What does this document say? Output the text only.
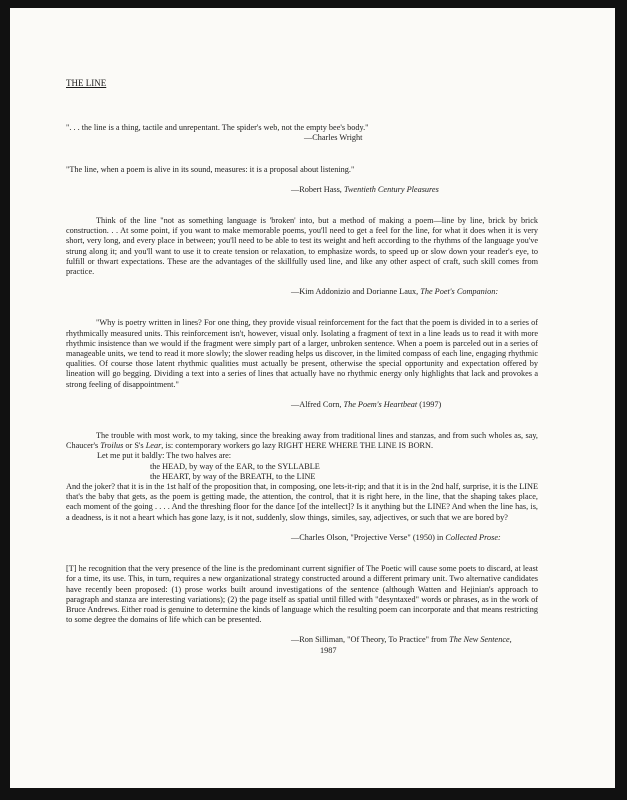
THE LINE

". . . the line is a thing, tactile and unrepentant. The spider's web, not the empty bee's body."

—Charles Wright

"The line, when a poem is alive in its sound, measures: it is a proposal about listening."

—Robert Hass, Twentieth Century Pleasures

Think of the line "not as something language is 'broken' into, but a method of making a poem—line by line, brick by brick construction. . . At some point, if you want to make memorable poems, you'll need to get a feel for the line, for what it does when it is very short, very long, and every place in between; you'll need to be able to test its weight and heft according to the rhythms of the language you've strung along it; and you'll want to use it to create tension or relaxation, to emphasize words, to speed up or slow down your reader's eye, to fulfill or thwart expectations. These are the advantages of the skillfully used line, and like any other aspect of craft, such skill comes from practice.

—Kim Addonizio and Dorianne Laux, The Poet's Companion:

"Why is poetry written in lines? For one thing, they provide visual reinforcement for the fact that the poem is divided in to a series of rhythmically measured units. This reinforcement isn't, however, visual only. Isolating a fragment of text in a line leads us to read it with more rhythmic insistence than we would if the fragment were simply part of a larger, unbroken sentence. When a poem is parceled out in a series of manageable units, we tend to read it more slowly; the slower reading helps us discover, in the limited compass of each line, engaging rhythmic qualities. Of course those latent rhythmic qualities must actually be present, otherwise the special opportunity and expectation offered by lineation will go begging. Dividing a text into a series of lines that actually have no rhythmic energy only highlights that lack and provokes a strong feeling of disappointment."

—Alfred Corn, The Poem's Heartbeat (1997)

The trouble with most work, to my taking, since the breaking away from traditional lines and stanzas, and from such wholes as, say, Chaucer's Troilus or S's Lear, is: contemporary workers go lazy RIGHT HERE WHERE THE LINE IS BORN.

Let me put it baldly: The two halves are:

the HEAD, by way of the EAR, to the SYLLABLE

the HEART, by way of the BREATH, to the LINE

And the joker? that it is in the 1st half of the proposition that, in composing, one lets-it-rip; and that it is in the 2nd half, surprise, it is the LINE that's the baby that gets, as the poem is getting made, the attention, the control, that it is right here, in the line, that the shaping takes place, each moment of the going . . . . And the threshing floor for the dance [of the intellect]? Is it anything but the LINE? And when the line has, is, a deadness, is it not a heart which has gone lazy, is it not, suddenly, slow things, similes, say, adjectives, or such that we are bored by?

—Charles Olson, "Projective Verse" (1950) in Collected Prose:

[T] he recognition that the very presence of the line is the predominant current signifier of The Poetic will cause some poets to discard, at least for a time, its use. This, in turn, requires a new organizational strategy constructed around a different primary unit. Two alternative candidates have recently been proposed: (1) prose works built around investigations of the sentence (although Watten and Hejinian's approach to paragraph and stanza are interesting variations); (2) the page itself as spatial until filled with "desyntaxed" words or phrases, as in the work of Bruce Andrews. Either road is genuine to determine the kinds of language which the resulting poem can incorporate and that means restricting to some degree the domains of life which can be presented.

—Ron Silliman, "Of Theory, To Practice" from The New Sentence,

1987
